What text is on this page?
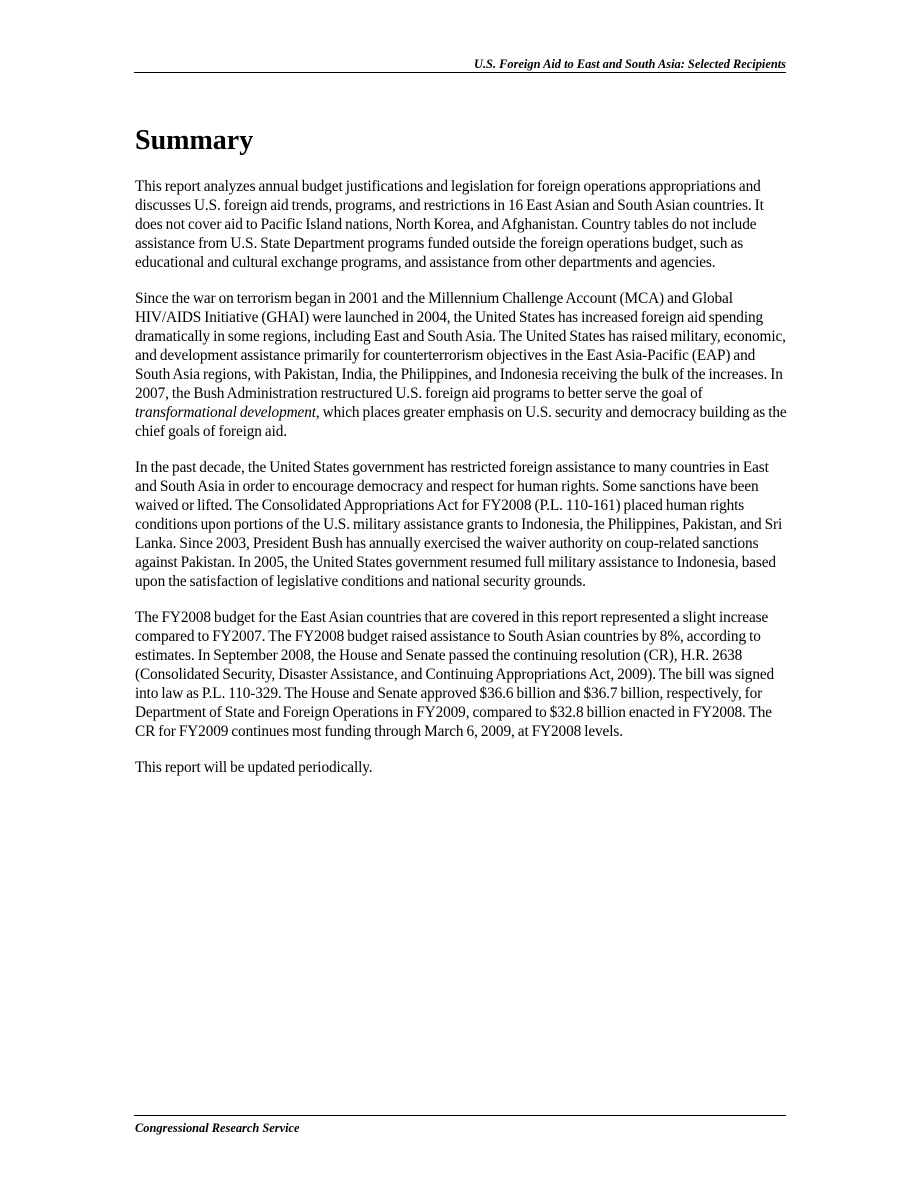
U.S. Foreign Aid to East and South Asia: Selected Recipients
Summary

This report analyzes annual budget justifications and legislation for foreign operations appropriations and discusses U.S. foreign aid trends, programs, and restrictions in 16 East Asian and South Asian countries. It does not cover aid to Pacific Island nations, North Korea, and Afghanistan. Country tables do not include assistance from U.S. State Department programs funded outside the foreign operations budget, such as educational and cultural exchange programs, and assistance from other departments and agencies.

Since the war on terrorism began in 2001 and the Millennium Challenge Account (MCA) and Global HIV/AIDS Initiative (GHAI) were launched in 2004, the United States has increased foreign aid spending dramatically in some regions, including East and South Asia. The United States has raised military, economic, and development assistance primarily for counterterrorism objectives in the East Asia-Pacific (EAP) and South Asia regions, with Pakistan, India, the Philippines, and Indonesia receiving the bulk of the increases. In 2007, the Bush Administration restructured U.S. foreign aid programs to better serve the goal of transformational development, which places greater emphasis on U.S. security and democracy building as the chief goals of foreign aid.

In the past decade, the United States government has restricted foreign assistance to many countries in East and South Asia in order to encourage democracy and respect for human rights. Some sanctions have been waived or lifted. The Consolidated Appropriations Act for FY2008 (P.L. 110-161) placed human rights conditions upon portions of the U.S. military assistance grants to Indonesia, the Philippines, Pakistan, and Sri Lanka. Since 2003, President Bush has annually exercised the waiver authority on coup-related sanctions against Pakistan. In 2005, the United States government resumed full military assistance to Indonesia, based upon the satisfaction of legislative conditions and national security grounds.

The FY2008 budget for the East Asian countries that are covered in this report represented a slight increase compared to FY2007. The FY2008 budget raised assistance to South Asian countries by 8%, according to estimates. In September 2008, the House and Senate passed the continuing resolution (CR), H.R. 2638 (Consolidated Security, Disaster Assistance, and Continuing Appropriations Act, 2009). The bill was signed into law as P.L. 110-329. The House and Senate approved $36.6 billion and $36.7 billion, respectively, for Department of State and Foreign Operations in FY2009, compared to $32.8 billion enacted in FY2008. The CR for FY2009 continues most funding through March 6, 2009, at FY2008 levels.

This report will be updated periodically.

Congressional Research Service
